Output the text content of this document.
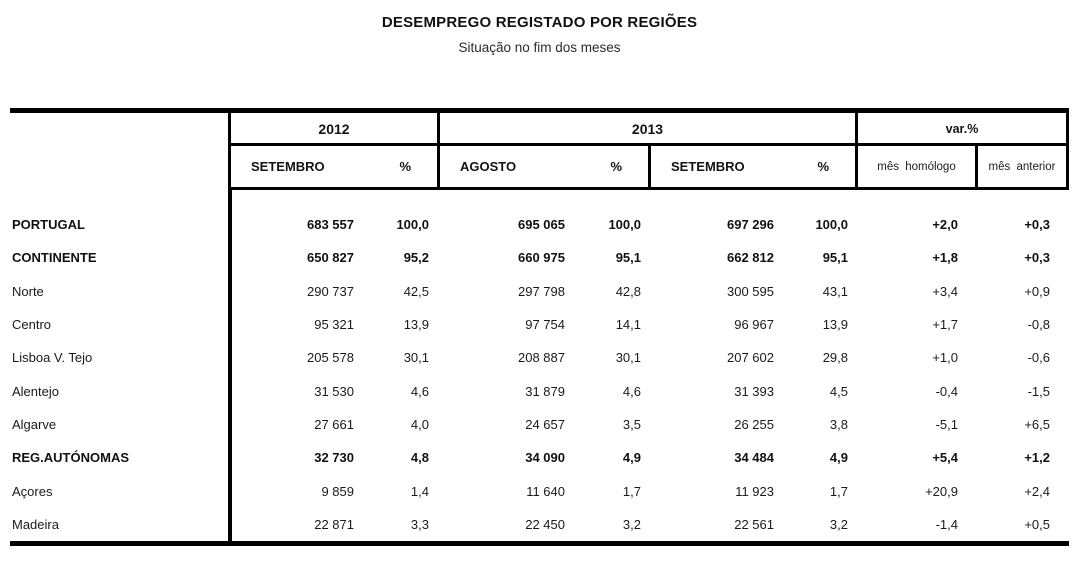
DESEMPREGO REGISTADO POR REGIÕES
Situação no fim dos meses
2012	2013	var.%
SETEMBRO	%	AGOSTO	%	SETEMBRO	%	mês homólogo	mês anterior
PORTUGAL	683 557	100,0	695 065	100,0	697 296	100,0	+2,0	+0,3
CONTINENTE	650 827	95,2	660 975	95,1	662 812	95,1	+1,8	+0,3
Norte	290 737	42,5	297 798	42,8	300 595	43,1	+3,4	+0,9
Centro	95 321	13,9	97 754	14,1	96 967	13,9	+1,7	-0,8
Lisboa V. Tejo	205 578	30,1	208 887	30,1	207 602	29,8	+1,0	-0,6
Alentejo	31 530	4,6	31 879	4,6	31 393	4,5	-0,4	-1,5
Algarve	27 661	4,0	24 657	3,5	26 255	3,8	-5,1	+6,5
REG.AUTÓNOMAS	32 730	4,8	34 090	4,9	34 484	4,9	+5,4	+1,2
Açores	9 859	1,4	11 640	1,7	11 923	1,7	+20,9	+2,4
Madeira	22 871	3,3	22 450	3,2	22 561	3,2	-1,4	+0,5
